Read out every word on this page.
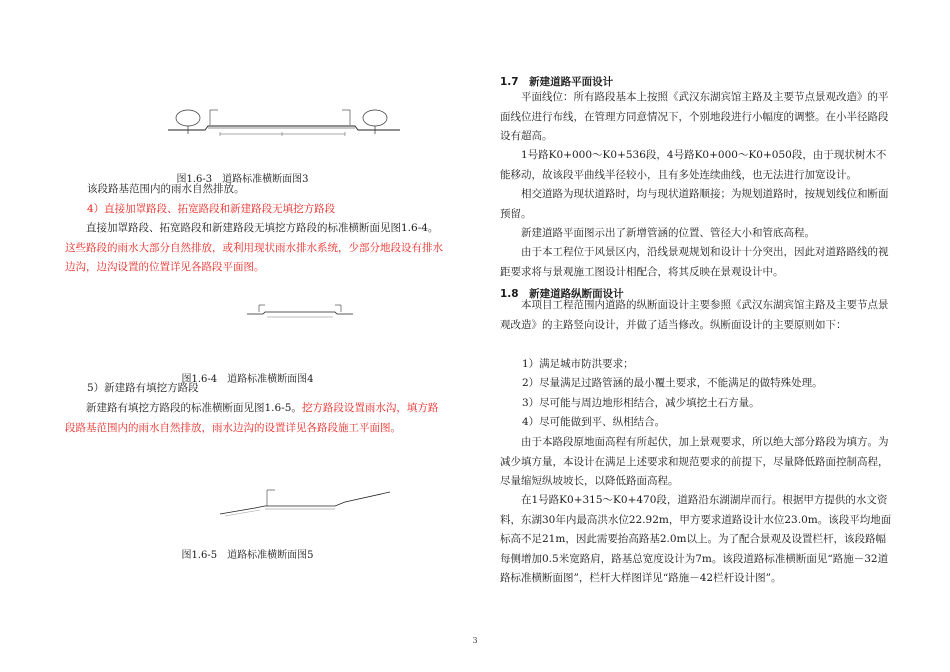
图1.6-3　道路标准横断面图3

该段路基范围内的雨水自然排放。

4）直接加罩路段、拓宽路段和新建路段无填挖方路段

直接加罩路段、拓宽路段和新建路段无填挖方路段的标准横断面见图1.6-4。这些路段的雨水大部分自然排放，或利用现状雨水排水系统，少部分地段设有排水边沟，边沟设置的位置详见各路段平面图。

图1.6-4　道路标准横断面图4

5）新建路有填挖方路段

新建路有填挖方路段的标准横断面见图1.6-5。挖方路段设置雨水沟，填方路段路基范围内的雨水自然排放，雨水边沟的设置详见各路段施工平面图。

图1.6-5　道路标准横断面图5
1.7　新建道路平面设计

平面线位：所有路段基本上按照《武汉东湖宾馆主路及主要节点景观改造》的平面线位进行布线，在管理方同意情况下，个别地段进行小幅度的调整。在小半径路段设有超高。

1号路K0+000～K0+536段，4号路K0+000～K0+050段，由于现状树木不能移动，故该段平曲线半径较小，且有多处连续曲线，也无法进行加宽设计。

相交道路为现状道路时，均与现状道路顺接；为规划道路时，按规划线位和断面预留。

新建道路平面图示出了新增管涵的位置、管径大小和管底高程。

由于本工程位于风景区内，沿线景观规划和设计十分突出，因此对道路路线的视距要求将与景观施工图设计相配合，将其反映在景观设计中。

1.8　新建道路纵断面设计

本项目工程范围内道路的纵断面设计主要参照《武汉东湖宾馆主路及主要节点景观改造》的主路竖向设计，并做了适当修改。纵断面设计的主要原则如下：

1）满足城市防洪要求；

2）尽量满足过路管涵的最小覆土要求，不能满足的做特殊处理。

3）尽可能与周边地形相结合，减少填挖土石方量。

4）尽可能做到平、纵相结合。

由于本路段原地面高程有所起伏，加上景观要求，所以绝大部分路段为填方。为减少填方量，本设计在满足上述要求和规范要求的前提下，尽量降低路面控制高程，尽量缩短纵坡坡长，以降低路面高程。

在1号路K0+315～K0+470段，道路沿东湖湖岸而行。根据甲方提供的水文资料，东湖30年内最高洪水位22.92m，甲方要求道路设计水位23.0m。该段平均地面标高不足21m，因此需要抬高路基2.0m以上。为了配合景观及设置栏杆，该段路幅每侧增加0.5米宽路肩，路基总宽度设计为7m。该段道路标准横断面见“路施－32道路标准横断面图”，栏杆大样图详见“路施－42栏杆设计图”。

3
